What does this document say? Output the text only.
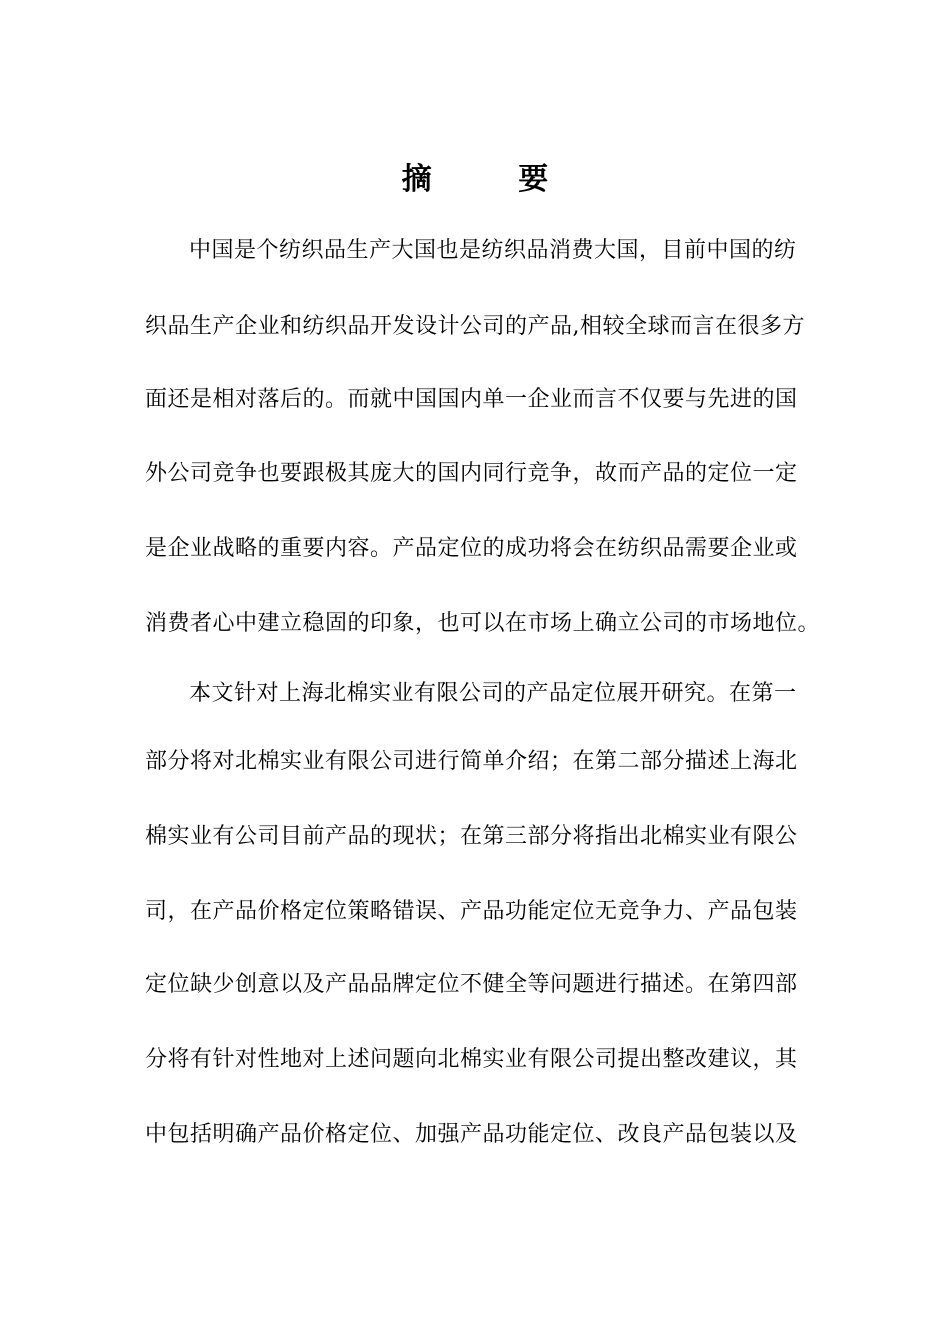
摘 要
中国是个纺织品生产大国也是纺织品消费大国，目前中国的纺
织品生产企业和纺织品开发设计公司的产品,相较全球而言在很多方
面还是相对落后的。而就中国国内单一企业而言不仅要与先进的国
外公司竞争也要跟极其庞大的国内同行竞争，故而产品的定位一定
是企业战略的重要内容。产品定位的成功将会在纺织品需要企业或
消费者心中建立稳固的印象，也可以在市场上确立公司的市场地位。
本文针对上海北棉实业有限公司的产品定位展开研究。在第一
部分将对北棉实业有限公司进行简单介绍；在第二部分描述上海北
棉实业有公司目前产品的现状；在第三部分将指出北棉实业有限公
司，在产品价格定位策略错误、产品功能定位无竞争力、产品包装
定位缺少创意以及产品品牌定位不健全等问题进行描述。在第四部
分将有针对性地对上述问题向北棉实业有限公司提出整改建议，其
中包括明确产品价格定位、加强产品功能定位、改良产品包装以及
